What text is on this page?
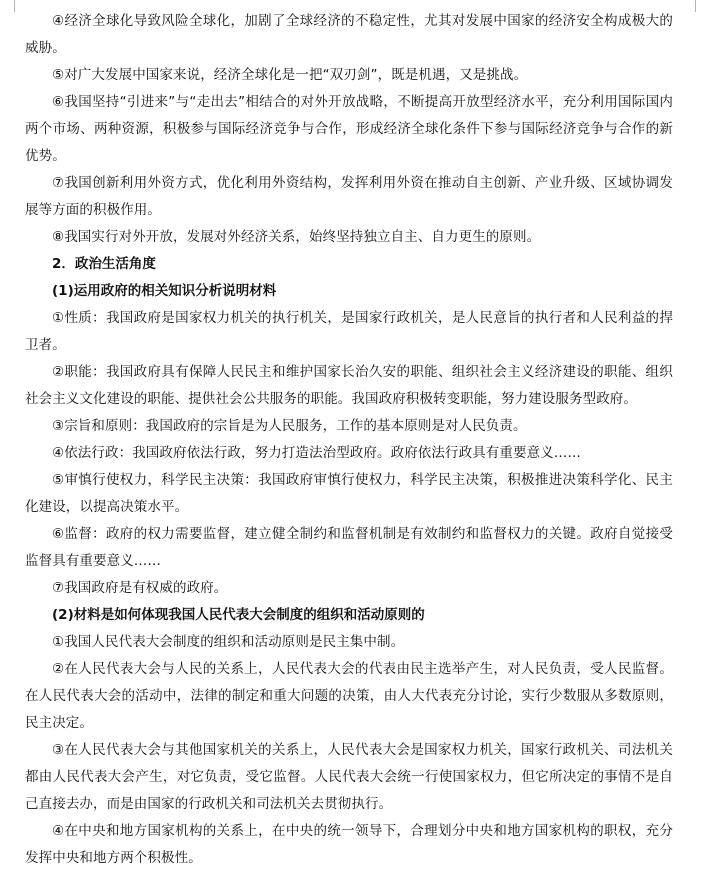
④经济全球化导致风险全球化，加剧了全球经济的不稳定性，尤其对发展中国家的经济安全构成极大的威胁。

⑤对广大发展中国家来说，经济全球化是一把“双刃剑”，既是机遇，又是挑战。

⑥我国坚持“引进来”与“走出去”相结合的对外开放战略，不断提高开放型经济水平，充分利用国际国内两个市场、两种资源，积极参与国际经济竞争与合作，形成经济全球化条件下参与国际经济竞争与合作的新优势。

⑦我国创新利用外资方式，优化利用外资结构，发挥利用外资在推动自主创新、产业升级、区域协调发展等方面的积极作用。

⑧我国实行对外开放，发展对外经济关系，始终坚持独立自主、自力更生的原则。

2．政治生活角度

(1)运用政府的相关知识分析说明材料

①性质：我国政府是国家权力机关的执行机关，是国家行政机关，是人民意旨的执行者和人民利益的捍卫者。

②职能：我国政府具有保障人民民主和维护国家长治久安的职能、组织社会主义经济建设的职能、组织社会主义文化建设的职能、提供社会公共服务的职能。我国政府积极转变职能，努力建设服务型政府。

③宗旨和原则：我国政府的宗旨是为人民服务，工作的基本原则是对人民负责。

④依法行政：我国政府依法行政，努力打造法治型政府。政府依法行政具有重要意义……

⑤审慎行使权力，科学民主决策：我国政府审慎行使权力，科学民主决策，积极推进决策科学化、民主化建设，以提高决策水平。

⑥监督：政府的权力需要监督，建立健全制约和监督机制是有效制约和监督权力的关键。政府自觉接受监督具有重要意义……

⑦我国政府是有权威的政府。

(2)材料是如何体现我国人民代表大会制度的组织和活动原则的

①我国人民代表大会制度的组织和活动原则是民主集中制。

②在人民代表大会与人民的关系上，人民代表大会的代表由民主选举产生，对人民负责，受人民监督。在人民代表大会的活动中，法律的制定和重大问题的决策，由人大代表充分讨论，实行少数服从多数原则，民主决定。

③在人民代表大会与其他国家机关的关系上，人民代表大会是国家权力机关，国家行政机关、司法机关都由人民代表大会产生，对它负责，受它监督。人民代表大会统一行使国家权力，但它所决定的事情不是自己直接去办，而是由国家的行政机关和司法机关去贯彻执行。

④在中央和地方国家机构的关系上，在中央的统一领导下，合理划分中央和地方国家机构的职权，充分发挥中央和地方两个积极性。
